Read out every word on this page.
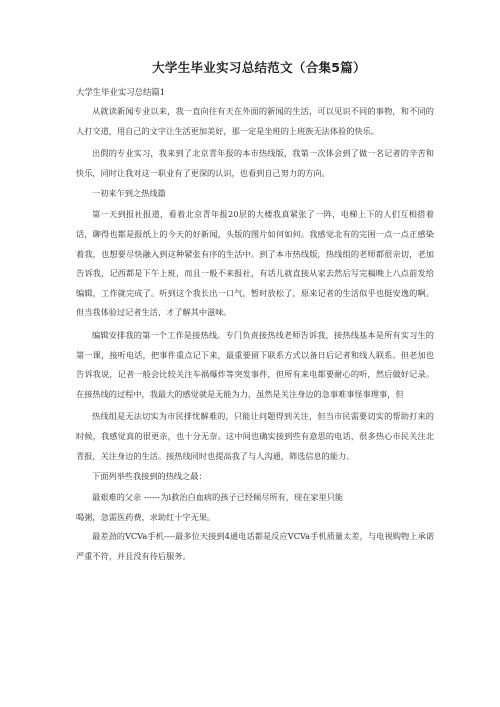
大学生毕业实习总结范文（合集5篇）
大学生毕业实习总结篇1

从就读新闻专业以来，我一直向往有天在外面的新闻的生活，可以见识不同的事物，和不同的人打交道，用自己的文字让生活更加美好，那一定是坐班的上班族无法体验的快乐。

出假的专业实习，我来到了北京青年报的本市热线版，我第一次体会到了做一名记者的辛苦和快乐，同时让我对这一职业有了更深的认识，也看到自己努力的方向。

一初来乍到之热线篇

第一天到报社报道，看着北京青年报20层的大楼我真紧张了一阵，电梯上下的人们互相搭着话，聊得也都是报纸上的今天的好新闻，头版的图片如何如何。我感觉北有的完困一点一点正感染着我，也想要尽快融入到这种紧张有序的生活中。到了本市热线版，热线组的老师都很亲切，老加告诉我，记西都是下午上班，而且一般不来报社，有话儿就直接从家去然后写完稿晚上八点前发给编辑，工作就完成了。听到这个我长出一口气，暂时放松了，原来记者的生活似乎也挺安逸的啊。但当我体验过记者生活，才了解其中滋味。

编辑安排我的第一个工作是接热线。专门负责接热线老师告诉我，接热线基本是所有实习生的第一课，接听电话，把事件重点记下来，最重要留下联系方式以备日后记者和线人联系。但老加也告诉我说，记者一般会比较关注车祸爆炸等突发事件，但所有来电都要耐心的听，然后做好记录。在接热线的过程中，我最大的感觉就是无能为力，虽然是关注身边的急事难事怪事理事，但

热线组是无法切实为市民排忧解难的，只能让问题得到关注，但当市民需要切实的帮助打来的时候，我感觉真的很更亲，也十分无奈。这中间也确实接到些有意思的电话，很多热心市民关注北青报，关注身边的生活。接热线同时也提高我了与人沟通，筛选信息的能力。

下面列举些我接到的热线之最：

最艰难的父亲 ------为i救治白血病的孩子已经倾尽所有，现在家里只能

喝粥，急需医药费，求助红十字无果。

最差劲的VCVa手机----最多位天接到4通电话都是反应VCVa手机质量太差，与电视购物上承诺严重不符，并且没有待后服务。
